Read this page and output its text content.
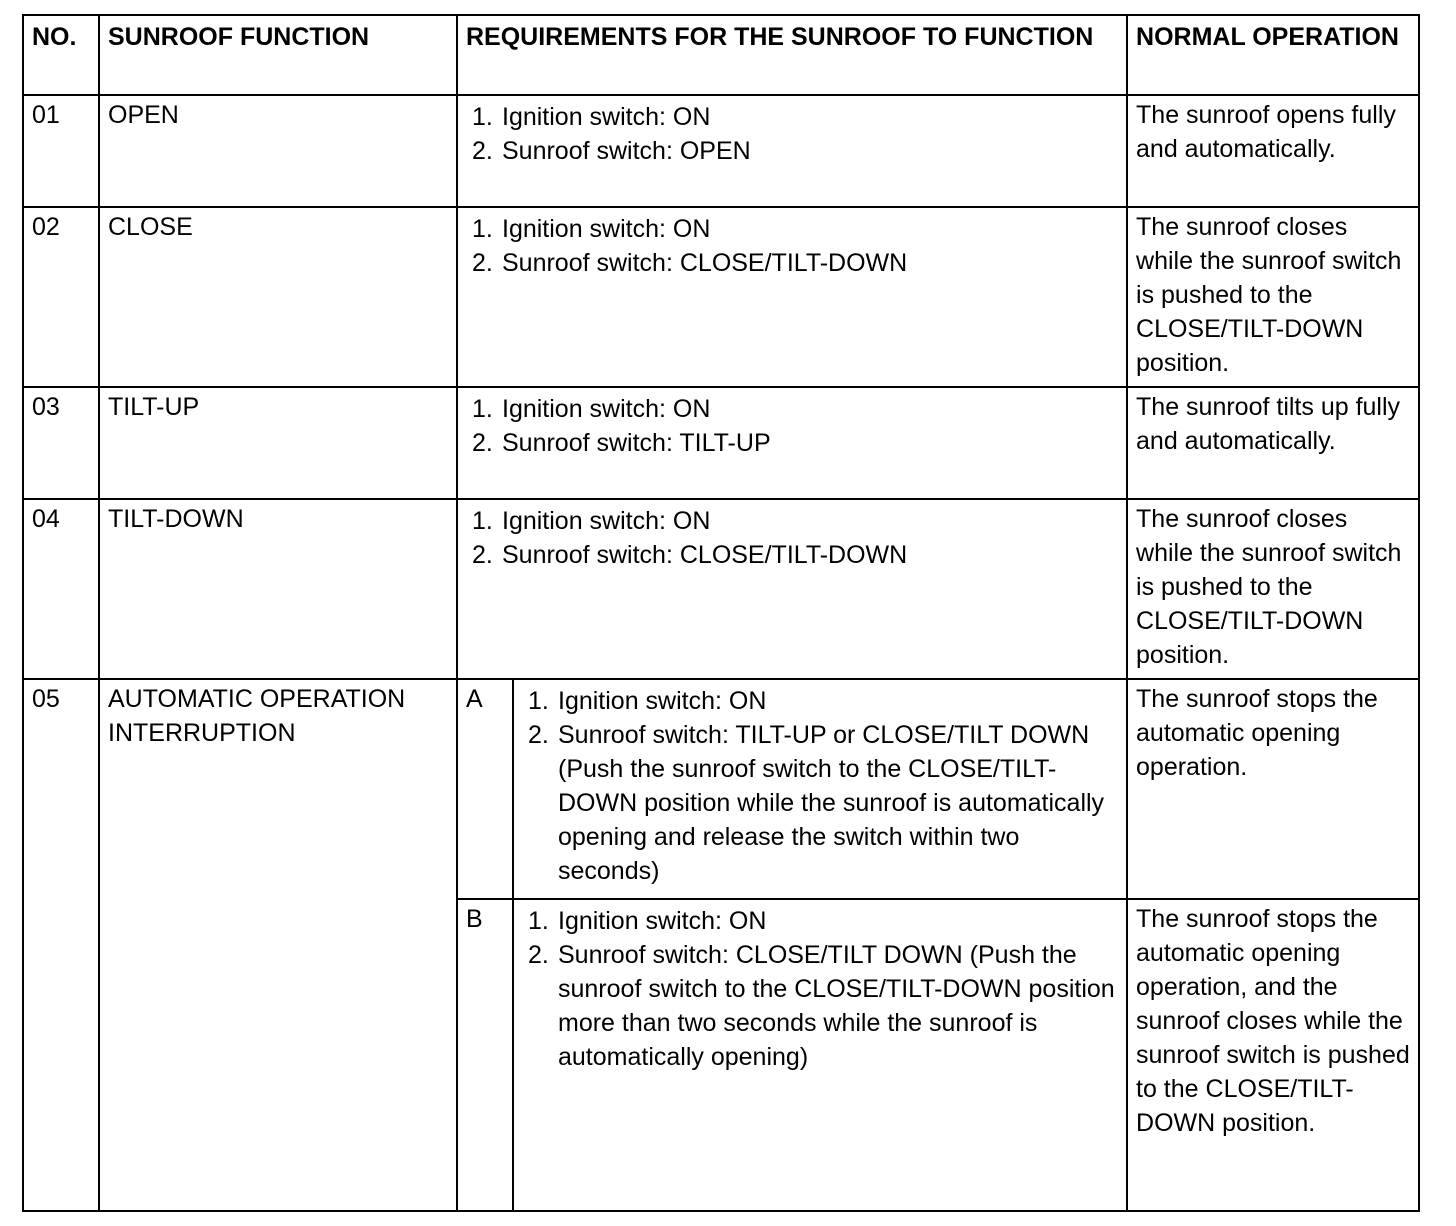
NO.	SUNROOF FUNCTION	REQUIREMENTS FOR THE SUNROOF TO FUNCTION		NORMAL OPERATION
01	OPEN	1. Ignition switch: ON
2. Sunroof switch: OPEN		The sunroof opens fully and automatically.
02	CLOSE	1. Ignition switch: ON
2. Sunroof switch: CLOSE/TILT-DOWN		The sunroof closes while the sunroof switch is pushed to the CLOSE/TILT-DOWN position.
03	TILT-UP	1. Ignition switch: ON
2. Sunroof switch: TILT-UP		The sunroof tilts up fully and automatically.
04	TILT-DOWN	1. Ignition switch: ON
2. Sunroof switch: CLOSE/TILT-DOWN		The sunroof closes while the sunroof switch is pushed to the CLOSE/TILT-DOWN position.
05	AUTOMATIC OPERATION INTERRUPTION	A	1. Ignition switch: ON
2. Sunroof switch: TILT-UP or CLOSE/TILT DOWN (Push the sunroof switch to the CLOSE/TILT-DOWN position while the sunroof is automatically opening and release the switch within two seconds)	The sunroof stops the automatic opening operation.
		B	1. Ignition switch: ON
2. Sunroof switch: CLOSE/TILT DOWN (Push the sunroof switch to the CLOSE/TILT-DOWN position more than two seconds while the sunroof is automatically opening)	The sunroof stops the automatic opening operation, and the sunroof closes while the sunroof switch is pushed to the CLOSE/TILT-DOWN position.
